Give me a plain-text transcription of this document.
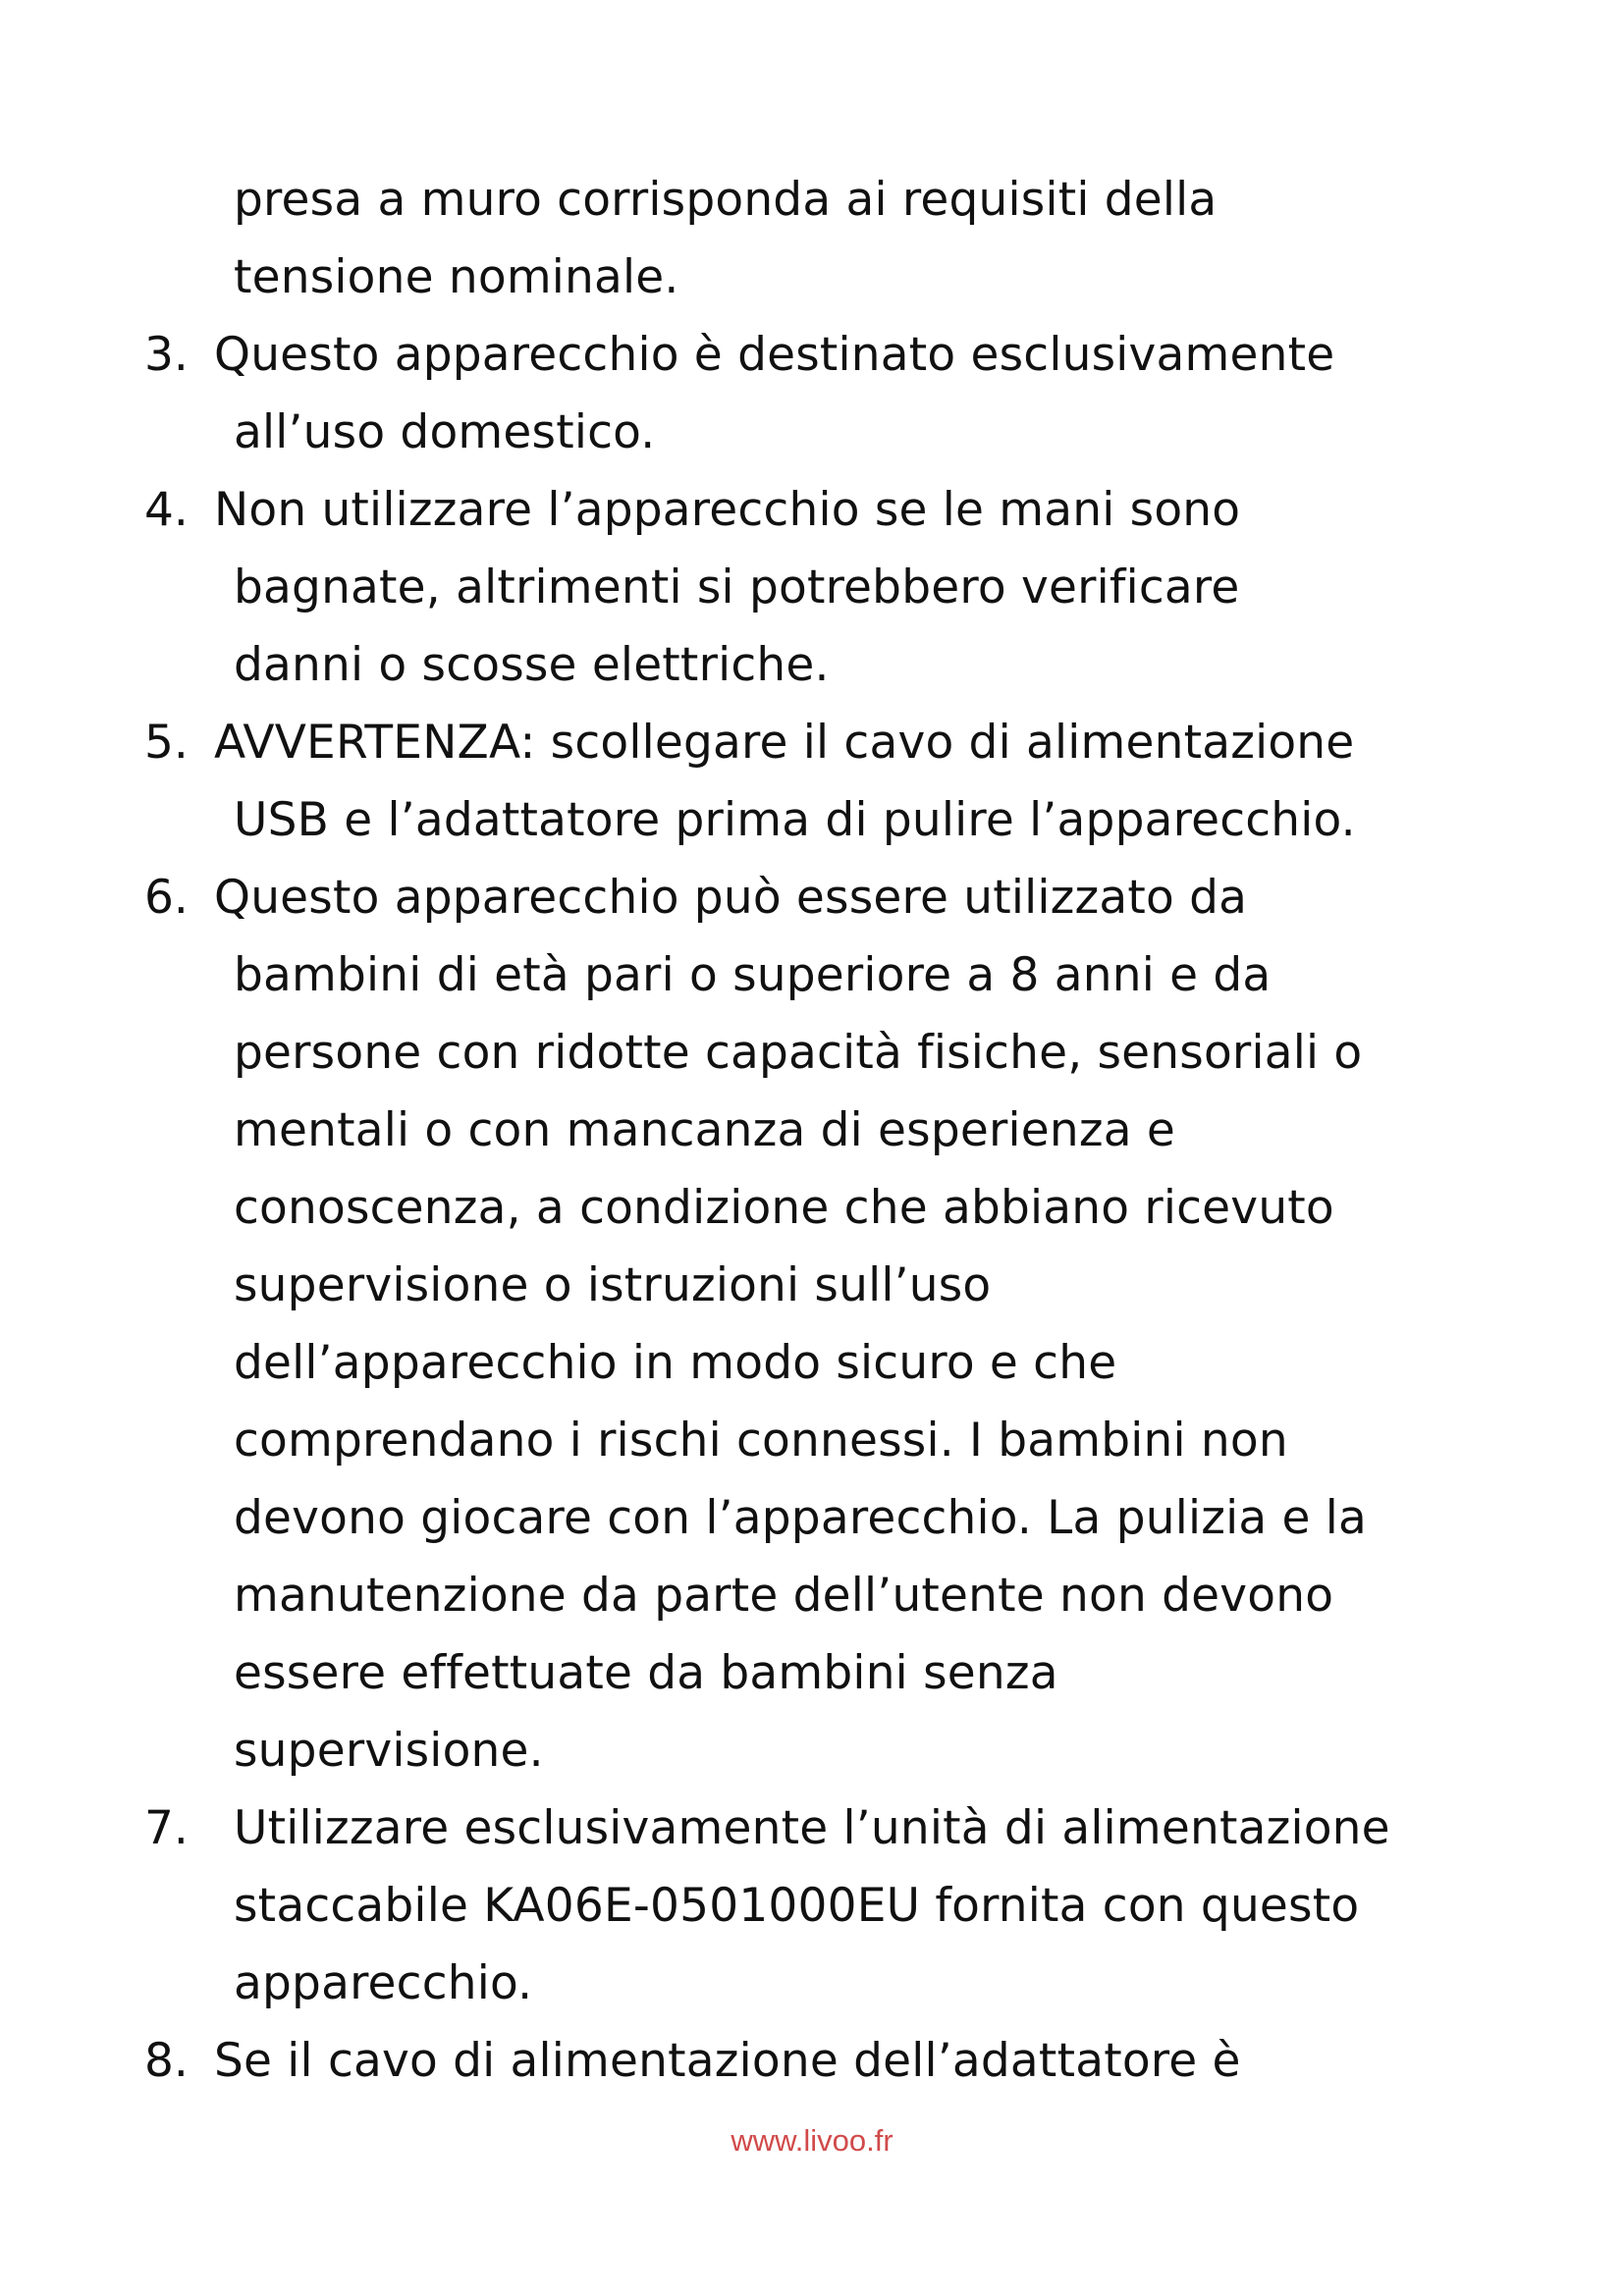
presa a muro corrisponda ai requisiti della
tensione nominale.
3. Questo apparecchio è destinato esclusivamente
all’uso domestico.
4. Non utilizzare l’apparecchio se le mani sono
bagnate, altrimenti si potrebbero verificare
danni o scosse elettriche.
5. AVVERTENZA: scollegare il cavo di alimentazione
USB e l’adattatore prima di pulire l’apparecchio.
6. Questo apparecchio può essere utilizzato da
bambini di età pari o superiore a 8 anni e da
persone con ridotte capacità fisiche, sensoriali o
mentali o con mancanza di esperienza e
conoscenza, a condizione che abbiano ricevuto
supervisione o istruzioni sull’uso
dell’apparecchio in modo sicuro e che
comprendano i rischi connessi. I bambini non
devono giocare con l’apparecchio. La pulizia e la
manutenzione da parte dell’utente non devono
essere effettuate da bambini senza
supervisione.
7. Utilizzare esclusivamente l’unità di alimentazione
staccabile KA06E-0501000EU fornita con questo
apparecchio.
8. Se il cavo di alimentazione dell’adattatore è
www.livoo.fr
